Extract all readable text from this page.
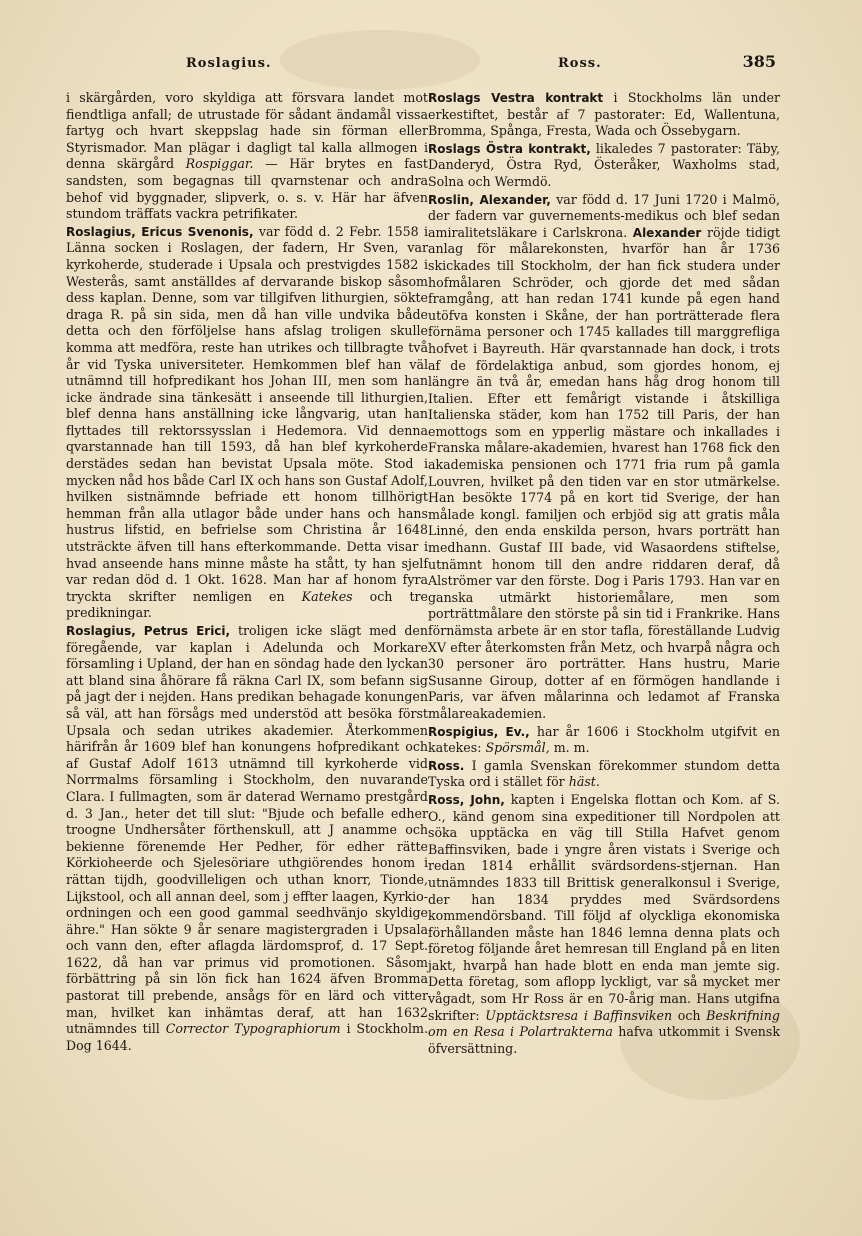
Roslagius.	Ross.	385

i skärgården, voro skyldiga att försvara landet mot fiendtliga anfall; de utrustade för sådant ändamål vissa fartyg och hvart skeppslag hade sin förman eller Styrismador. Man plägar i dagligt tal kalla allmogen i denna skärgård Rospiggar. — Här brytes en fast sandsten, som begagnas till qvarnstenar och andra behof vid byggnader, slipverk, o. s. v. Här har äfven stundom träffats vackra petrifikater.

Roslagius, Ericus Svenonis, var född d. 2 Febr. 1558 i Länna socken i Roslagen, der fadern, Hr Sven, var kyrkoherde, studerade i Upsala och prestvigdes 1582 i Westerås, samt anställdes af dervarande biskop såsom dess kaplan. Denne, som var tillgifven lithurgien, sökte draga R. på sin sida, men då han ville undvika både detta och den förföljelse hans afslag troligen skulle komma att medföra, reste han utrikes och tillbragte två år vid Tyska universiteter. Hemkommen blef han väl utnämnd till hofpredikant hos Johan III, men som han icke ändrade sina tänkesätt i anseende till lithurgien, blef denna hans anställning icke långvarig, utan han flyttades till rektorssysslan i Hedemora. Vid denna qvarstannade han till 1593, då han blef kyrkoherde derstädes sedan han bevistat Upsala möte. Stod i mycken nåd hos både Carl IX och hans son Gustaf Adolf, hvilken sistnämnde befriade ett honom tillhörigt hemman från alla utlagor både under hans och hans hustrus lifstid, en befrielse som Christina år 1648 utsträckte äfven till hans efterkommande. Detta visar i hvad anseende hans minne måste ha stått, ty han sjelf var redan död d. 1 Okt. 1628. Man har af honom fyra tryckta skrifter nemligen en Katekes och tre predikningar.

Roslagius, Petrus Erici, troligen icke slägt med den föregående, var kaplan i Adelunda och Morkare församling i Upland, der han en söndag hade den lyckan att bland sina åhörare få räkna Carl IX, som befann sig på jagt der i nejden. Hans predikan behagade konungen så väl, att han försågs med understöd att besöka först Upsala och sedan utrikes akademier. Återkommen härifrån år 1609 blef han konungens hofpredikant och af Gustaf Adolf 1613 utnämnd till kyrkoherde vid Norrmalms församling i Stockholm, den nuvarande Clara. I fullmagten, som är daterad Wernamo prestgård d. 3 Jan., heter det till slut: "Bjude och befalle edher troogne Undhersåter förthenskull, att J anamme och bekienne förenemde Her Pedher, för edher rätte Körkioheerde och Sjelesöriare uthgiörendes honom i rättan tijdh, goodvilleligen och uthan knorr, Tionde, Lijkstool, och all annan deel, som j effter laagen, Kyrkio-ordningen och een good gammal seedhvänjo skyldige ähre." Han sökte 9 år senare magistergraden i Upsala och vann den, efter aflagda lärdomsprof, d. 17 Sept. 1622, då han var primus vid promotionen. Såsom förbättring på sin lön fick han 1624 äfven Bromma pastorat till prebende, ansågs för en lärd och vitter man, hvilket kan inhämtas deraf, att han 1632 utnämndes till Corrector Typographiorum i Stockholm. Dog 1644.

Roslags Vestra kontrakt i Stockholms län under erkestiftet, består af 7 pastorater: Ed, Wallentuna, Bromma, Spånga, Fresta, Wada och Össebygarn.

Roslags Östra kontrakt, likaledes 7 pastorater: Täby, Danderyd, Östra Ryd, Österåker, Waxholms stad, Solna och Wermdö.

Roslin, Alexander, var född d. 17 Juni 1720 i Malmö, der fadern var guvernements-medikus och blef sedan amiralitetsläkare i Carlskrona. Alexander röjde tidigt anlag för målarekonsten, hvarför han år 1736 skickades till Stockholm, der han fick studera under hofmålaren Schröder, och gjorde det med sådan framgång, att han redan 1741 kunde på egen hand utöfva konsten i Skåne, der han porträtterade flera förnäma personer och 1745 kallades till marggrefliga hofvet i Bayreuth. Här qvarstannade han dock, i trots af de fördelaktiga anbud, som gjordes honom, ej längre än två år, emedan hans håg drog honom till Italien. Efter ett femårigt vistande i åtskilliga Italienska städer, kom han 1752 till Paris, der han emottogs som en ypperlig mästare och inkallades i Franska målare-akademien, hvarest han 1768 fick den akademiska pensionen och 1771 fria rum på gamla Louvren, hvilket på den tiden var en stor utmärkelse. Han besökte 1774 på en kort tid Sverige, der han målade kongl. familjen och erbjöd sig att gratis måla Linné, den enda enskilda person, hvars porträtt han medhann. Gustaf III bade, vid Wasaordens stiftelse, utnämnt honom till den andre riddaren deraf, då Alströmer var den förste. Dog i Paris 1793. Han var en ganska utmärkt historiemålare, men som porträttmålare den störste på sin tid i Frankrike. Hans förnämsta arbete är en stor tafla, föreställande Ludvig XV efter återkomsten från Metz, och hvarpå några och 30 personer äro porträtter. Hans hustru, Marie Susanne Giroup, dotter af en förmögen handlande i Paris, var äfven målarinna och ledamot af Franska målareakademien.

Rospigius, Ev., har år 1606 i Stockholm utgifvit en katekes: Spörsmål, m. m.

Ross. I gamla Svenskan förekommer stundom detta Tyska ord i stället för häst.

Ross, John, kapten i Engelska flottan och Kom. af S. O., känd genom sina expeditioner till Nordpolen att söka upptäcka en väg till Stilla Hafvet genom Baffinsviken, bade i yngre åren vistats i Sverige och redan 1814 erhållit svärdsordens-stjernan. Han utnämndes 1833 till Brittisk generalkonsul i Sverige, der han 1834 pryddes med Svärdsordens kommendörsband. Till följd af olyckliga ekonomiska förhållanden måste han 1846 lemna denna plats och företog följande året hemresan till England på en liten jakt, hvarpå han hade blott en enda man jemte sig. Detta företag, som aflopp lyckligt, var så mycket mer vågadt, som Hr Ross är en 70-årig man. Hans utgifna skrifter: Upptäcktsresa i Baffinsviken och Beskrifning om en Resa i Polartrakterna hafva utkommit i Svensk öfversättning.
